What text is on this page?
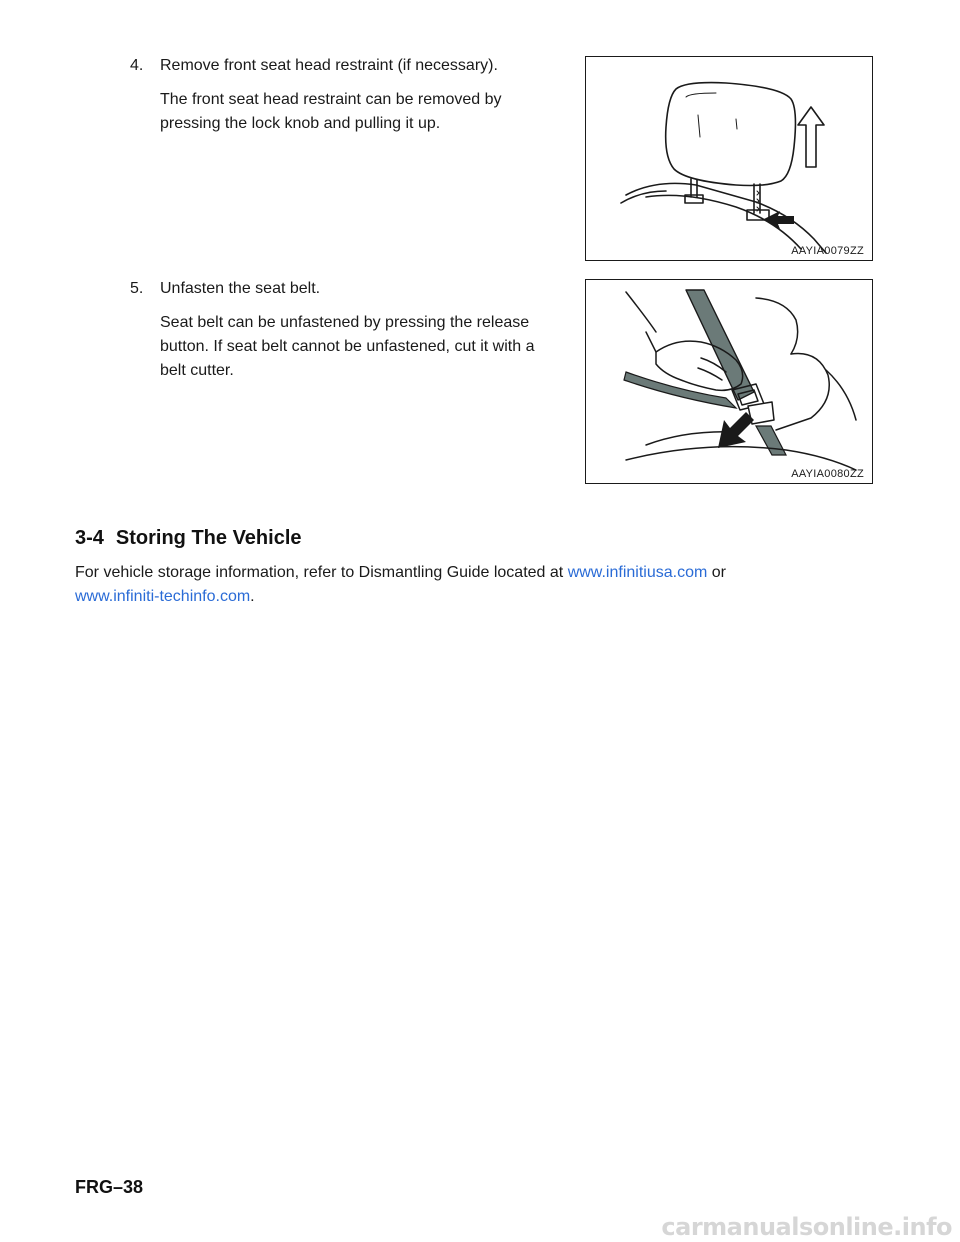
4. Remove front seat head restraint (if necessary).
The front seat head restraint can be removed by pressing the lock knob and pulling it up.
AAYIA0079ZZ
5. Unfasten the seat belt.
Seat belt can be unfastened by pressing the release button. If seat belt cannot be unfastened, cut it with a belt cutter.
AAYIA0080ZZ
3-4 Storing The Vehicle

For vehicle storage information, refer to Dismantling Guide located at www.infinitiusa.com or
www.infiniti-techinfo.com.

FRG–38
carmanualsonline.info
